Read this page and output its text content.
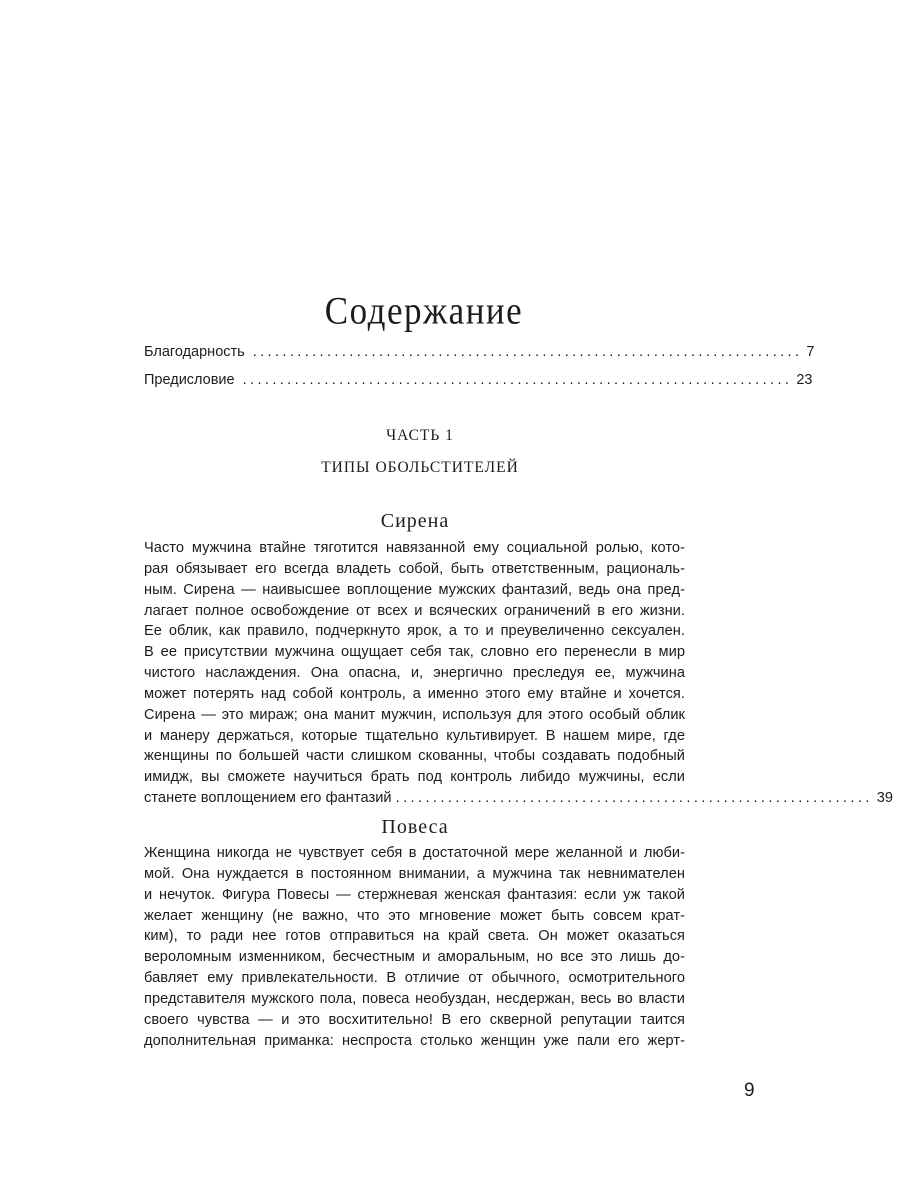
Содержание
Благодарность .......................................................................... 7
Предисловие .......................................................................... 23
ЧАСТЬ 1
ТИПЫ ОБОЛЬСТИТЕЛЕЙ
Сирена
Часто мужчина втайне тяготится навязанной ему социальной ролью, кото-
рая обязывает его всегда владеть собой, быть ответственным, рациональ-
ным. Сирена — наивысшее воплощение мужских фантазий, ведь она пред-
лагает полное освобождение от всех и всяческих ограничений в его жизни.
Ее облик, как правило, подчеркнуто ярок, а то и преувеличенно сексуален.
В ее присутствии мужчина ощущает себя так, словно его перенесли в мир
чистого наслаждения. Она опасна, и, энергично преследуя ее, мужчина
может потерять над собой контроль, а именно этого ему втайне и хочется.
Сирена — это мираж; она манит мужчин, используя для этого особый облик
и манеру держаться, которые тщательно культивирует. В нашем мире, где
женщины по большей части слишком скованны, чтобы создавать подобный
имидж, вы сможете научиться брать под контроль либидо мужчины, если
станете воплощением его фантазий ................................................................ 39
Повеса
Женщина никогда не чувствует себя в достаточной мере желанной и люби-
мой. Она нуждается в постоянном внимании, а мужчина так невнимателен
и нечуток. Фигура Повесы — стержневая женская фантазия: если уж такой
желает женщину (не важно, что это мгновение может быть совсем крат-
ким), то ради нее готов отправиться на край света. Он может оказаться
вероломным изменником, бесчестным и аморальным, но все это лишь до-
бавляет ему привлекательности. В отличие от обычного, осмотрительного
представителя мужского пола, повеса необуздан, несдержан, весь во власти
своего чувства — и это восхитительно! В его скверной репутации таится
дополнительная приманка: неспроста столько женщин уже пали его жерт-
9
